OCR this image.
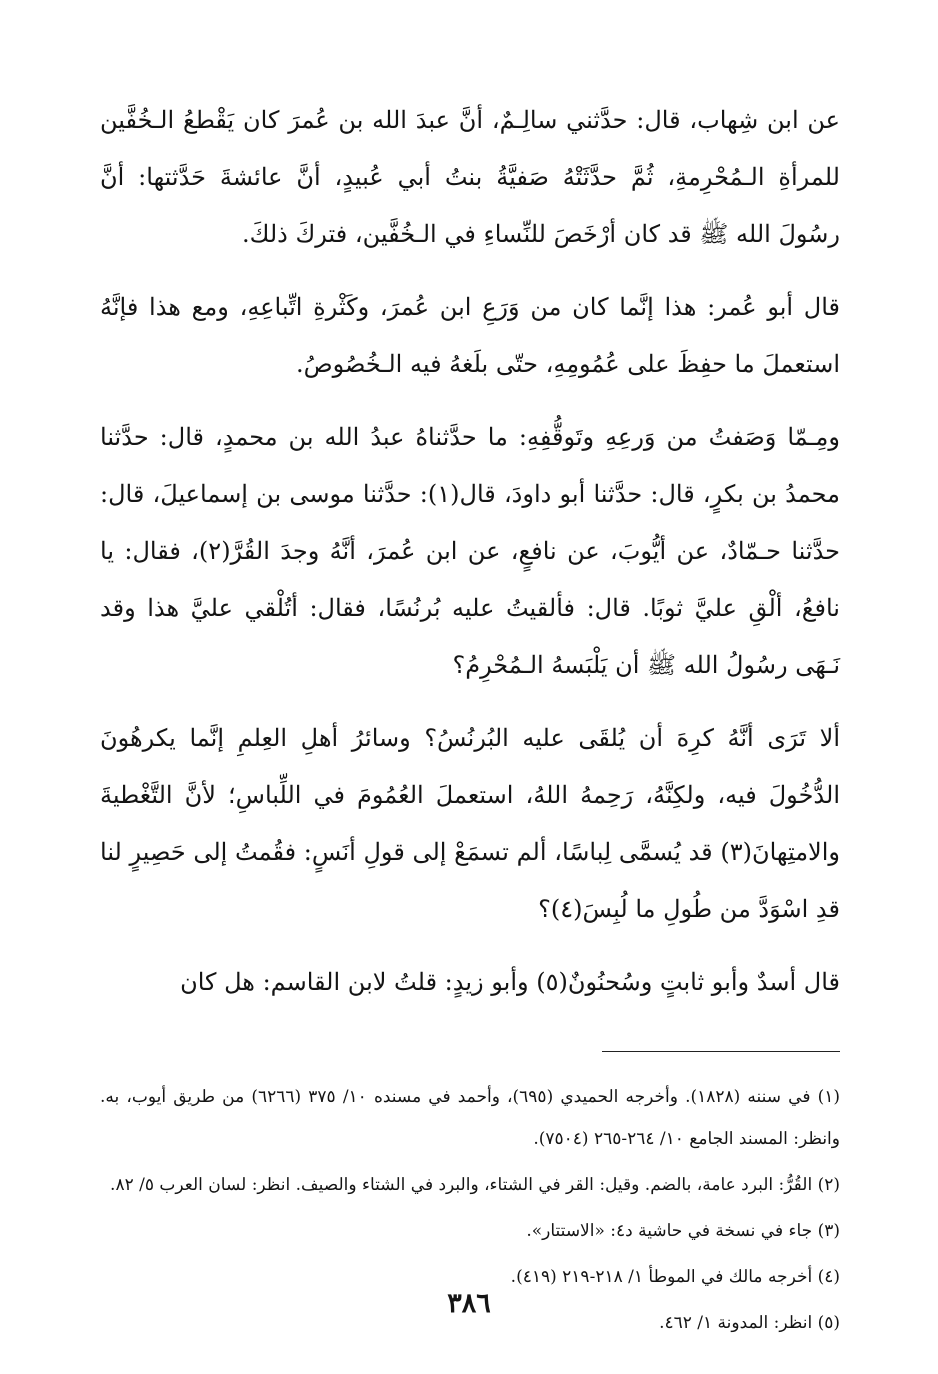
عن ابن شِهاب، قال: حدَّثني سالِـمٌ، أنَّ عبدَ الله بن عُمرَ كان يَقْطعُ الـخُفَّين للمرأةِ الـمُحْرِمةِ، ثُمَّ حدَّثَتْهُ صَفيَّةُ بنتُ أبي عُبيدٍ، أنَّ عائشةَ حَدَّثتها: أنَّ رسُولَ الله ﷺ قد كان أرْخَصَ للنِّساءِ في الـخُفَّين، فتركَ ذلكَ.

قال أبو عُمر: هذا إنَّما كان من وَرَعِ ابن عُمرَ، وكَثْرةِ اتِّباعِهِ، ومع هذا فإنَّهُ استعملَ ما حفِظَ على عُمُومِهِ، حتّى بلَغهُ فيه الـخُصُوصُ.

ومِـمّا وَصَفتُ من وَرعِهِ وتَوقُّفِهِ: ما حدَّثناهُ عبدُ الله بن محمدٍ، قال: حدَّثنا محمدُ بن بكرٍ، قال: حدَّثنا أبو داودَ، قال(١): حدَّثنا موسى بن إسماعيلَ، قال: حدَّثنا حـمّادٌ، عن أيُّوبَ، عن نافعٍ، عن ابن عُمرَ، أنَّهُ وجدَ القُرَّ(٢)، فقال: يا نافعُ، ألْقِ عليَّ ثوبًا. قال: فألقيتُ عليه بُرنُسًا، فقال: أتُلْقي عليَّ هذا وقد نَـهَى رسُولُ الله ﷺ أن يَلْبَسهُ الـمُحْرِمُ؟

ألا تَرَى أنَّهُ كرِهَ أن يُلقَى عليه البُرنُسُ؟ وسائرُ أهلِ العِلمِ إنَّما يكرهُونَ الدُّخُولَ فيه، ولكِنَّهُ، رَحِمهُ اللهُ، استعملَ العُمُومَ في اللِّباسِ؛ لأنَّ التَّغْطيةَ والامتِهانَ(٣) قد يُسمَّى لِباسًا، ألم تسمَعْ إلى قولِ أنَسٍ: فقُمتُ إلى حَصِيرٍ لنا قدِ اسْوَدَّ من طُولِ ما لُبِسَ(٤)؟

قال أسدٌ وأبو ثابتٍ وسُحنُونٌ(٥) وأبو زيدٍ: قلتُ لابن القاسم: هل كان

(١) في سننه (١٨٢٨). وأخرجه الحميدي (٦٩٥)، وأحمد في مسنده ١٠/ ٣٧٥ (٦٢٦٦) من طريق أيوب، به. وانظر: المسند الجامع ١٠/ ٢٦٤-٢٦٥ (٧٥٠٤).

(٢) القُرُّ: البرد عامة، بالضم. وقيل: القر في الشتاء، والبرد في الشتاء والصيف. انظر: لسان العرب ٥/ ٨٢.

(٣) جاء في نسخة في حاشية د٤: «الاستتار».

(٤) أخرجه مالك في الموطأ ١/ ٢١٨-٢١٩ (٤١٩).

(٥) انظر: المدونة ١/ ٤٦٢.

٣٨٦
